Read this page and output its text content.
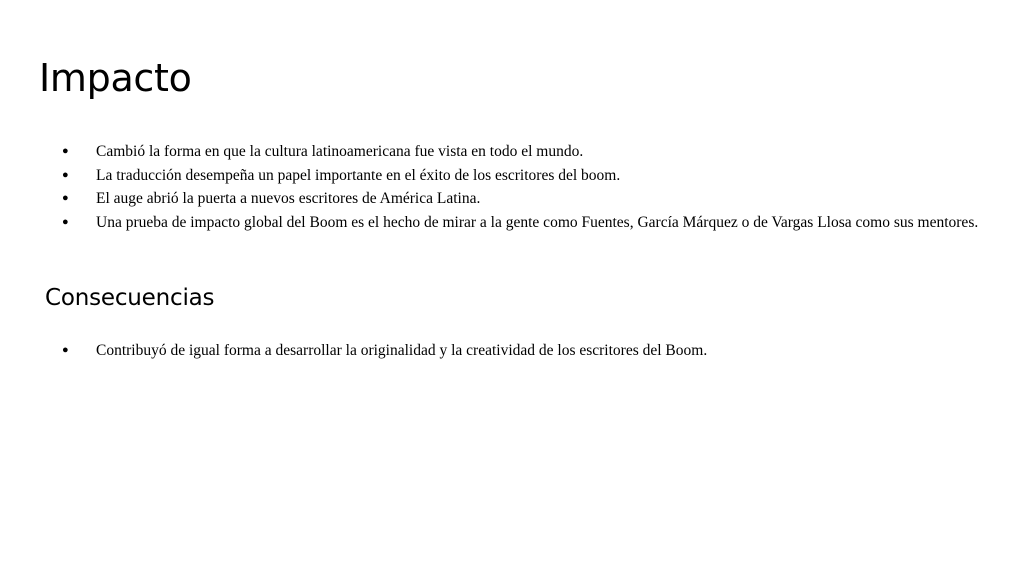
Impacto
● Cambió la forma en que la cultura latinoamericana fue vista en todo el mundo.
● La traducción desempeña un papel importante en el éxito de los escritores del boom.
● El auge abrió la puerta a nuevos escritores de América Latina.
● Una prueba de impacto global del Boom es el hecho de mirar a la gente como Fuentes, García Márquez o de Vargas Llosa como sus mentores.
Consecuencias
● Contribuyó de igual forma a desarrollar la originalidad y la creatividad de los escritores del Boom.
